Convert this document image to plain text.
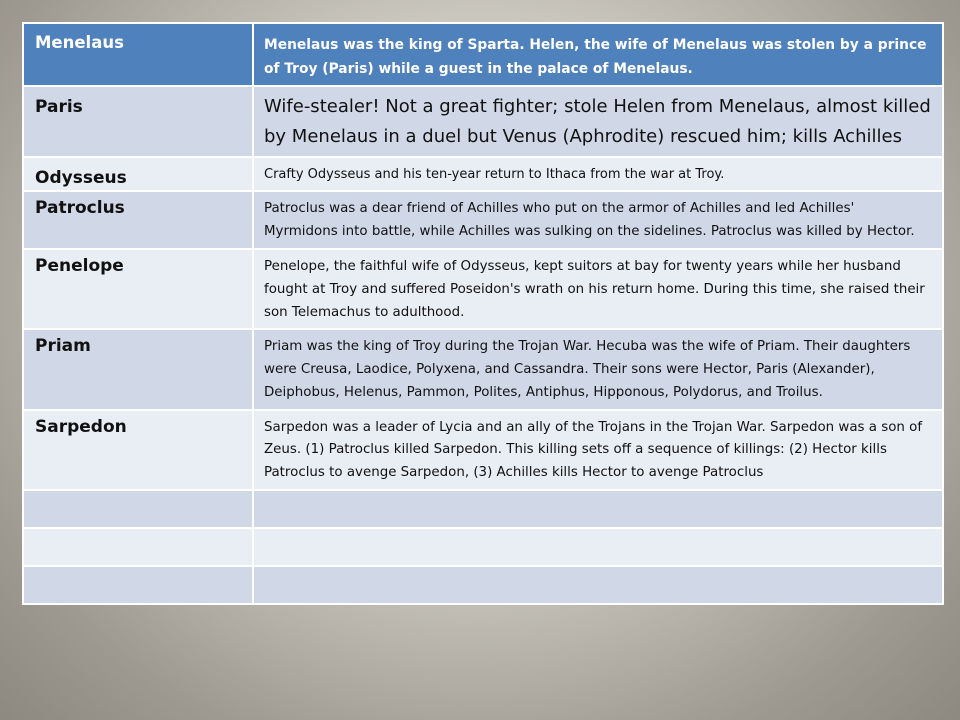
Menelaus	Menelaus was the king of Sparta. Helen, the wife of Menelaus was stolen by a prince of Troy (Paris) while a guest in the palace of Menelaus.

Paris	Wife-stealer! Not a great fighter; stole Helen from Menelaus, almost killed by Menelaus in a duel but Venus (Aphrodite) rescued him; kills Achilles

Odysseus	Crafty Odysseus and his ten-year return to Ithaca from the war at Troy.

Patroclus	Patroclus was a dear friend of Achilles who put on the armor of Achilles and led Achilles' Myrmidons into battle, while Achilles was sulking on the sidelines. Patroclus was killed by Hector.

Penelope	Penelope, the faithful wife of Odysseus, kept suitors at bay for twenty years while her husband fought at Troy and suffered Poseidon's wrath on his return home. During this time, she raised their son Telemachus to adulthood.

Priam	Priam was the king of Troy during the Trojan War. Hecuba was the wife of Priam. Their daughters were Creusa, Laodice, Polyxena, and Cassandra. Their sons were Hector, Paris (Alexander), Deiphobus, Helenus, Pammon, Polites, Antiphus, Hipponous, Polydorus, and Troilus.

Sarpedon	Sarpedon was a leader of Lycia and an ally of the Trojans in the Trojan War. Sarpedon was a son of Zeus. (1) Patroclus killed Sarpedon. This killing sets off a sequence of killings: (2) Hector kills Patroclus to avenge Sarpedon, (3) Achilles kills Hector to avenge Patroclus
